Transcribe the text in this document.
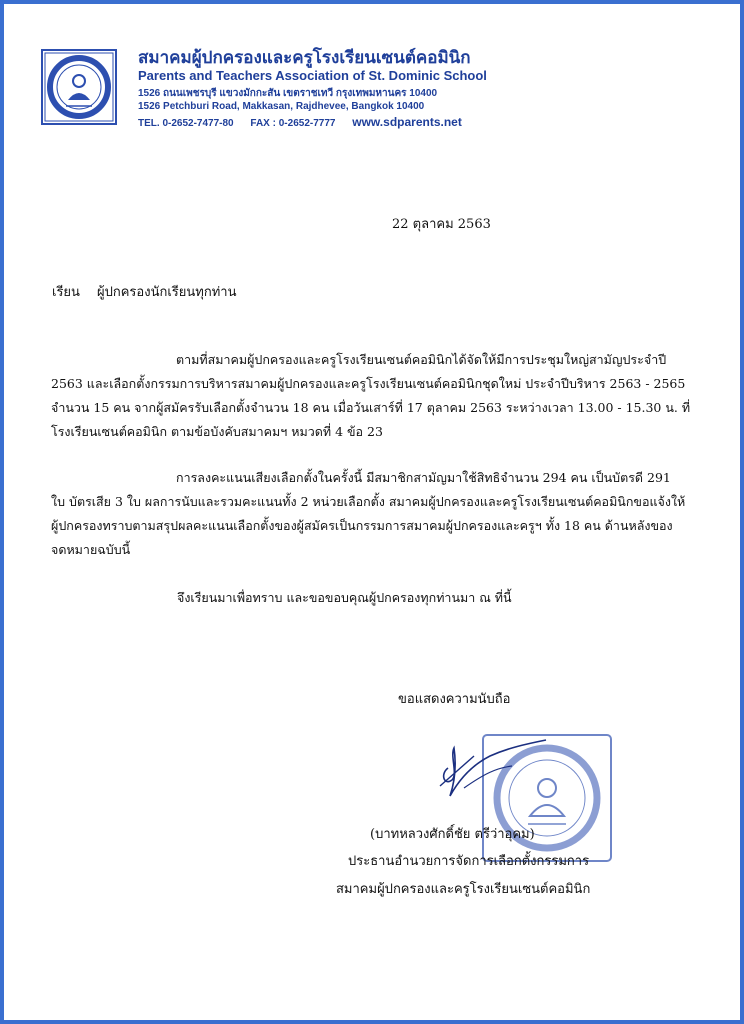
สมาคมผู้ปกครองและครูโรงเรียนเซนต์คอมินิก
Parents and Teachers Association of St. Dominic School
1526 ถนนเพชรบุรี แขวงมักกะสัน เขตราชเทวี กรุงเทพมหานคร 10400
1526 Petchburi Road, Makkasan, Rajdhevee, Bangkok 10400
TEL. 0-2652-7477-80 FAX : 0-2652-7777 www.sdparents.net
22 ตุลาคม 2563
เรียน ผู้ปกครองนักเรียนทุกท่าน
ตามที่สมาคมผู้ปกครองและครูโรงเรียนเซนต์คอมินิกได้จัดให้มีการประชุมใหญ่สามัญประจำปี
2563 และเลือกตั้งกรรมการบริหารสมาคมผู้ปกครองและครูโรงเรียนเซนต์คอมินิกชุดใหม่ ประจำปีบริหาร 2563 - 2565
จำนวน 15 คน จากผู้สมัครรับเลือกตั้งจำนวน 18 คน เมื่อวันเสาร์ที่ 17 ตุลาคม 2563 ระหว่างเวลา 13.00 - 15.30 น. ที่
โรงเรียนเซนต์คอมินิก ตามข้อบังคับสมาคมฯ หมวดที่ 4 ข้อ 23
การลงคะแนนเสียงเลือกตั้งในครั้งนี้ มีสมาชิกสามัญมาใช้สิทธิจำนวน 294 คน เป็นบัตรดี 291
ใบ บัตรเสีย 3 ใบ ผลการนับและรวมคะแนนทั้ง 2 หน่วยเลือกตั้ง สมาคมผู้ปกครองและครูโรงเรียนเซนต์คอมินิกขอแจ้งให้
ผู้ปกครองทราบตามสรุปผลคะแนนเลือกตั้งของผู้สมัครเป็นกรรมการสมาคมผู้ปกครองและครูฯ ทั้ง 18 คน ด้านหลังของ
จดหมายฉบับนี้
จึงเรียนมาเพื่อทราบ และขอขอบคุณผู้ปกครองทุกท่านมา ณ ที่นี้
ขอแสดงความนับถือ
(บาทหลวงศักดิ์ชัย ตรีว่าอุคม)
ประธานอำนวยการจัดการเลือกตั้งกรรมการ
สมาคมผู้ปกครองและครูโรงเรียนเซนต์คอมินิก
